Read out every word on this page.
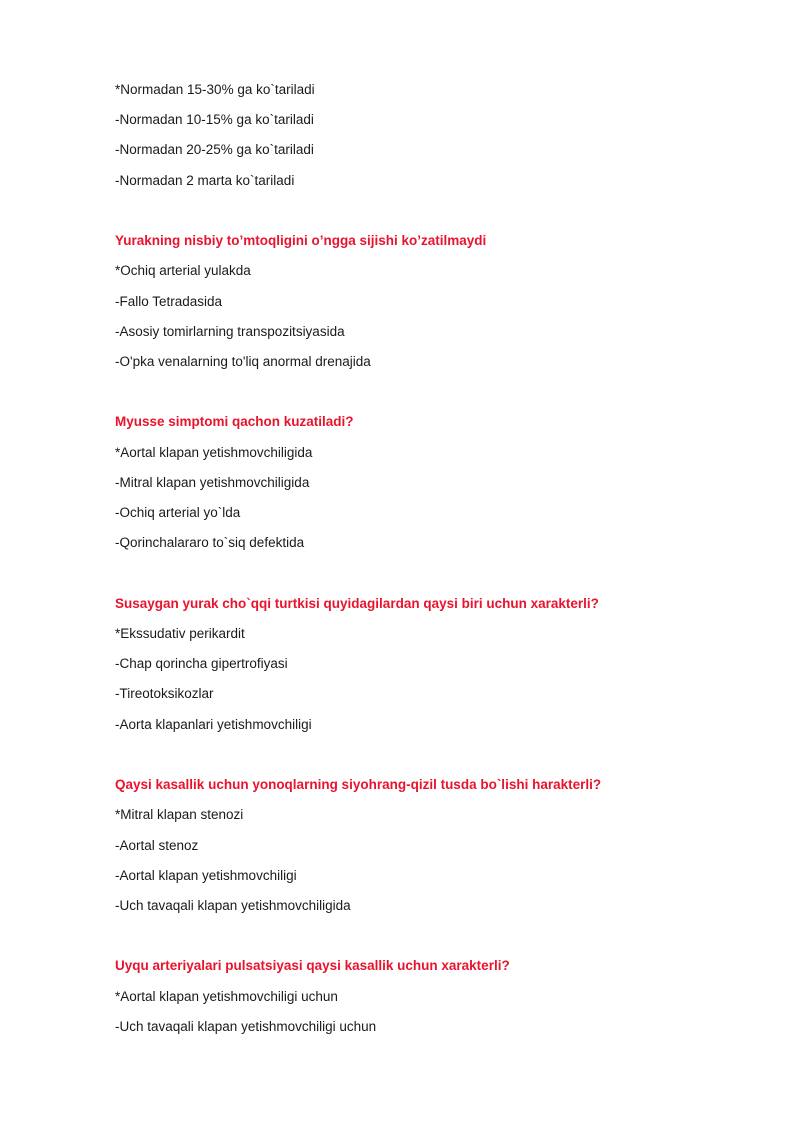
*Normadan 15-30% ga ko`tariladi
-Normadan 10-15% ga ko`tariladi
-Normadan 20-25% ga ko`tariladi
-Normadan 2 marta ko`tariladi
Yurakning nisbiy to’mtoqligini o’ngga sijishi ko’zatilmaydi
*Ochiq arterial yulakda
-Fallo Tetradasida
-Asosiy tomirlarning transpozitsiyasida
-O'pka venalarning to'liq anormal drenajida
Myusse simptomi qachon kuzatiladi?
*Aortal klapan yetishmovchiligida
-Mitral klapan yetishmovchiligida
-Ochiq arterial yo`lda
-Qorinchalararo to`siq defektida
Susaygan yurak cho`qqi turtkisi quyidagilardan qaysi biri uchun xarakterli?
*Ekssudativ perikardit
-Chap qorincha gipertrofiyasi
-Tireotoksikozlar
-Aorta klapanlari yetishmovchiligi
Qaysi kasallik uchun yonoqlarning siyohrang-qizil tusda bo`lishi harakterli?
*Mitral klapan stenozi
-Aortal stenoz
-Aortal klapan yetishmovchiligi
-Uch tavaqali klapan yetishmovchiligida
Uyqu arteriyalari pulsatsiyasi qaysi kasallik uchun xarakterli?
*Aortal klapan yetishmovchiligi uchun
-Uch tavaqali klapan yetishmovchiligi uchun
